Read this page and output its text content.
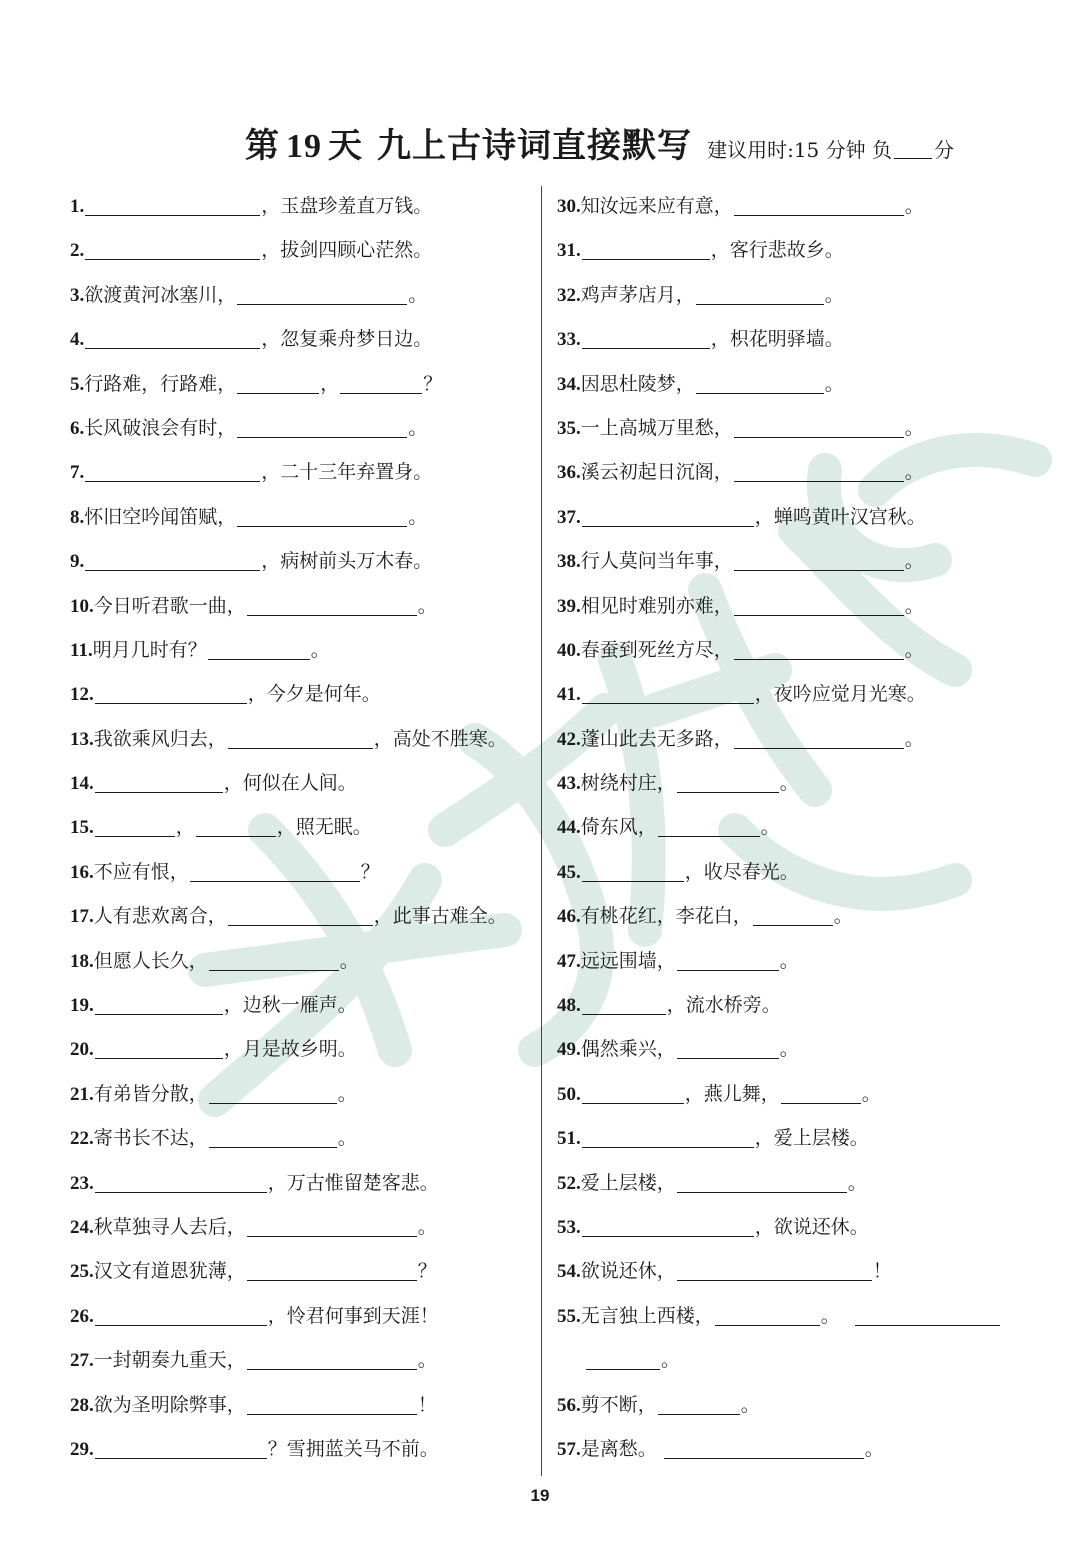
第 19 天 九上古诗词直接默写 建议用时:15 分钟 负 分
1.	，玉盘珍羞直万钱。
2.	，拔剑四顾心茫然。
3.欲渡黄河冰塞川，	。
4.	，忽复乘舟梦日边。
5.行路难，行路难，	，	？
6.长风破浪会有时，	。
7.	，二十三年弃置身。
8.怀旧空吟闻笛赋，	。
9.	，病树前头万木春。
10.今日听君歌一曲，	。
11.明月几时有？	。
12.	，今夕是何年。
13.我欲乘风归去，	，高处不胜寒。
14.	，何似在人间。
15.	，	，照无眠。
16.不应有恨，	？
17.人有悲欢离合，	，此事古难全。
18.但愿人长久，	。
19.	，边秋一雁声。
20.	，月是故乡明。
21.有弟皆分散，	。
22.寄书长不达，	。
23.	，万古惟留楚客悲。
24.秋草独寻人去后，	。
25.汉文有道恩犹薄，	？
26.	，怜君何事到天涯！
27.一封朝奏九重天，	。
28.欲为圣明除弊事，	！
29.	？雪拥蓝关马不前。
30.知汝远来应有意，	。
31.	，客行悲故乡。
32.鸡声茅店月，	。
33.	，枳花明驿墙。
34.因思杜陵梦，	。
35.一上高城万里愁，	。
36.溪云初起日沉阁，	。
37.	，蝉鸣黄叶汉宫秋。
38.行人莫问当年事，	。
39.相见时难别亦难，	。
40.春蚕到死丝方尽，	。
41.	，夜吟应觉月光寒。
42.蓬山此去无多路，	。
43.树绕村庄，	。
44.倚东风，	。
45.	，收尽春光。
46.有桃花红，李花白，	。
47.远远围墙，	。
48.	，流水桥旁。
49.偶然乘兴，	。
50.	，燕儿舞，	。
51.	，爱上层楼。
52.爱上层楼，	。
53.	，欲说还休。
54.欲说还休，	！
55.无言独上西楼，	。
。
56.剪不断，	。
57.是离愁。	。
19
